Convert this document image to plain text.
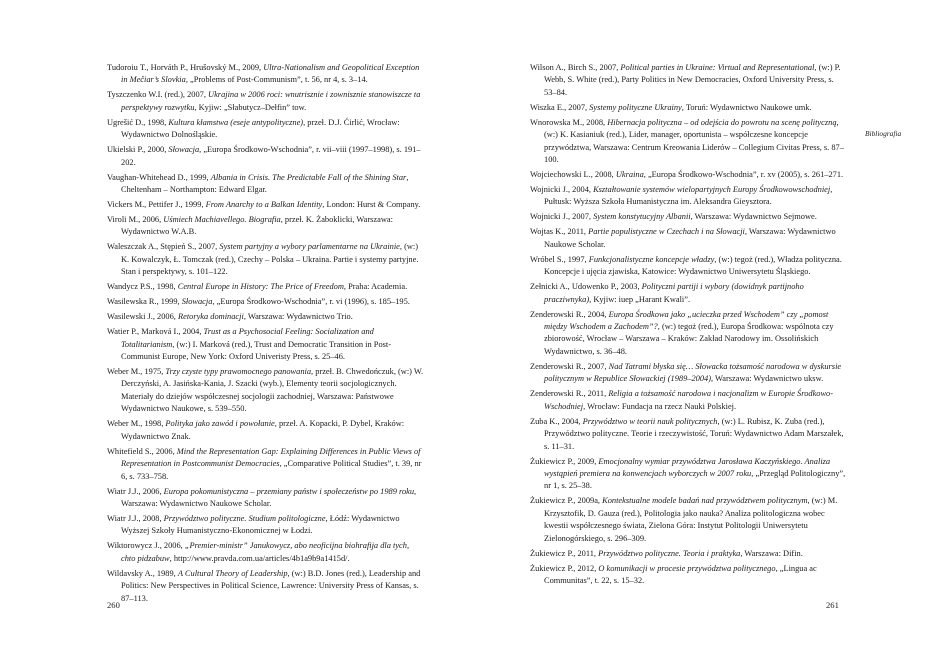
Tudoroiu T., Horváth P., Hrušovský M., 2009, Ultra-Nationalism and Geopolitical Exception in Mečiar’s Slovkia, „Problems of Post-Communism”, t. 56, nr 4, s. 3–14.
Tyszczenko W.I. (red.), 2007, Ukrajina w 2006 roci: wnutrisznie i zownisznie stanowiszcze ta perspektywy rozwytku, Kyjiw: „Słabutycz–Dełfin” tow.
Ugrešić D., 1998, Kultura kłamstwa (eseje antypolityczne), przeł. D.J. Ćirlić, Wrocław: Wydawnictwo Dolnośląskie.
Ukielski P., 2000, Słowacja, „Europa Środkowo-Wschodnia”, r. vii–viii (1997–1998), s. 191–202.
Vaughan-Whitehead D., 1999, Albania in Crisis. The Predictable Fall of the Shining Star, Cheltenham – Northampton: Edward Elgar.
Vickers M., Pettifer J., 1999, From Anarchy to a Balkan Identity, London: Hurst & Company.
Viroli M., 2006, Uśmiech Machiavellego. Biografia, przeł. K. Żaboklicki, Warszawa: Wydawnictwo W.A.B.
Waleszczak A., Stępień S., 2007, System partyjny a wybory parlamentarne na Ukrainie, (w:) K. Kowalczyk, Ł. Tomczak (red.), Czechy – Polska – Ukraina. Partie i systemy partyjne. Stan i perspektywy, s. 101–122.
Wandycz P.S., 1998, Central Europe in History: The Price of Freedom, Praha: Academia.
Wasilewska R., 1999, Słowacja, „Europa Środkowo-Wschodnia”, r. vi (1996), s. 185–195.
Wasilewski J., 2006, Retoryka dominacji, Warszawa: Wydawnictwo Trio.
Watier P., Marková I., 2004, Trust as a Psychosocial Feeling: Socialization and Totalitarianism, (w:) I. Marková (red.), Trust and Democratic Transition in Post-Communist Europe, New York: Oxford Univeristy Press, s. 25–46.
Weber M., 1975, Trzy czyste typy prawomocnego panowania, przeł. B. Chwedończuk, (w:) W. Derczyński, A. Jasińska-Kania, J. Szacki (wyb.), Elementy teorii socjologicznych. Materiały do dziejów współczesnej socjologii zachodniej, Warszawa: Państwowe Wydawnictwo Naukowe, s. 539–550.
Weber M., 1998, Polityka jako zawód i powołanie, przeł. A. Kopacki, P. Dybel, Kraków: Wydawnictwo Znak.
Whitefield S., 2006, Mind the Representation Gap: Explaining Differences in Public Views of Representation in Postcommunist Democracies, „Comparative Political Studies”, t. 39, nr 6, s. 733–758.
Wiatr J.J., 2006, Europa pokomunistyczna – przemiany państw i społeczeństw po 1989 roku, Warszawa: Wydawnictwo Naukowe Scholar.
Wiatr J.J., 2008, Przywództwo polityczne. Studium politologiczne, Łódź: Wydawnictwo Wyższej Szkoły Humanistyczno-Ekonomicznej w Łodzi.
Wiktorowycz J., 2006, „Premier-ministr” Janukowycz, abo neoficijna biohrafija dla tych, chto pidzabuw, http://www.pravda.com.ua/articles/4b1a9b9a1415d/.
Wildavsky A., 1989, A Cultural Theory of Leadership, (w:) B.D. Jones (red.), Leadership and Politics: New Perspectives in Political Science, Lawrence: University Press of Kansas, s. 87–113.
Wilson A., Birch S., 2007, Political parties in Ukraine: Virtual and Representational, (w:) P. Webb, S. White (red.), Party Politics in New Democracies, Oxford University Press, s. 53–84.
Wiszka E., 2007, Systemy polityczne Ukrainy, Toruń: Wydawnictwo Naukowe umk.
Wnorowska M., 2008, Hibernacja polityczna – od odejścia do powrotu na scenę polityczną, (w:) K. Kasianiuk (red.), Lider, manager, oportunista – współczesne koncepcje przywództwa, Warszawa: Centrum Kreowania Liderów – Collegium Civitas Press, s. 87–100.
Wojciechowski L., 2008, Ukraina, „Europa Środkowo-Wschodnia”, r. xv (2005), s. 261–271.
Wojnicki J., 2004, Kształtowanie systemów wielopartyjnych Europy Środkowowschodniej, Pułtusk: Wyższa Szkoła Humanistyczna im. Aleksandra Gieysztora.
Wojnicki J., 2007, System konstytucyjny Albanii, Warszawa: Wydawnictwo Sejmowe.
Wojtas K., 2011, Partie populistyczne w Czechach i na Słowacji, Warszawa: Wydawnictwo Naukowe Scholar.
Wróbel S., 1997, Funkcjonalistyczne koncepcje władzy, (w:) tegoż (red.), Władza polityczna. Koncepcje i ujęcia zjawiska, Katowice: Wydawnictwo Uniwersytetu Śląskiego.
Zełnicki A., Udowenko P., 2003, Polityczni partiji i wybory (dowidnyk partijnoho pracziwnyka), Kyjiw: iuep „Harant Kwali”.
Zenderowski R., 2004, Europa Środkowa jako „ucieczka przed Wschodem” czy „pomost między Wschodem a Zachodem”?, (w:) tegoż (red.), Europa Środkowa: wspólnota czy zbiorowość, Wrocław – Warszawa – Kraków: Zakład Narodowy im. Ossolińskich Wydawnictwo, s. 36–48.
Zenderowski R., 2007, Nad Tatrami błyska się… Słowacka tożsamość narodowa w dyskursie politycznym w Republice Słowackiej (1989–2004), Warszawa: Wydawnictwo uksw.
Zenderowski R., 2011, Religia a tożsamość narodowa i nacjonalizm w Europie Środkowo-Wschodniej, Wrocław: Fundacja na rzecz Nauki Polskiej.
Zuba K., 2004, Przywództwo w teorii nauk politycznych, (w:) L. Rubisz, K. Zuba (red.), Przywództwo polityczne. Teorie i rzeczywistość, Toruń: Wydawnictwo Adam Marszałek, s. 11–31.
Żukiewicz P., 2009, Emocjonalny wymiar przywództwa Jarosława Kaczyńskiego. Analiza wystąpień premiera na konwencjach wyborczych w 2007 roku, „Przegląd Politologiczny”, nr 1, s. 25–38.
Żukiewicz P., 2009a, Kontekstualne modele badań nad przywództwem politycznym, (w:) M. Krzysztofik, D. Gauza (red.), Politologia jako nauka? Analiza politologiczna wobec kwestii współczesnego świata, Zielona Góra: Instytut Politologii Uniwersytetu Zielonogórskiego, s. 296–309.
Żukiewicz P., 2011, Przywództwo polityczne. Teoria i praktyka, Warszawa: Difin.
Żukiewicz P., 2012, O komunikacji w procesie przywództwa politycznego, „Lingua ac Communitas”, t. 22, s. 15–32.
Bibliografia
260	261
